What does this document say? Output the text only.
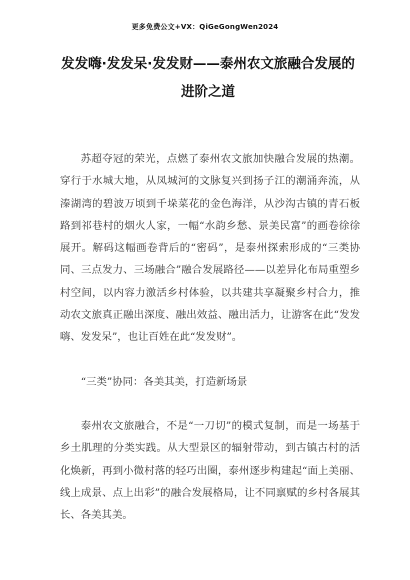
更多免费公文+VX：QiGeGongWen2024
发发嗨·发发呆·发发财——泰州农文旅融合发展的进阶之道

苏超夺冠的荣光，点燃了泰州农文旅加快融合发展的热潮。穿行于水城大地，从凤城河的文脉复兴到扬子江的潮涌奔流，从溱湖湾的碧波万顷到千垛菜花的金色海洋，从沙沟古镇的青石板路到祁巷村的烟火人家，一幅“水韵乡愁、景美民富”的画卷徐徐展开。解码这幅画卷背后的“密码”，是泰州探索形成的“三类协同、三点发力、三场融合”融合发展路径——以差异化布局重塑乡村空间，以内容力激活乡村体验，以共建共享凝聚乡村合力，推动农文旅真正融出深度、融出效益、融出活力，让游客在此“发发嗨、发发呆”，也让百姓在此“发发财”。

“三类”协同：各美其美，打造新场景

泰州农文旅融合，不是“一刀切”的模式复制，而是一场基于乡土肌理的分类实践。从大型景区的辐射带动，到古镇古村的活化焕新，再到小微村落的轻巧出圈，泰州逐步构建起“面上美丽、线上成景、点上出彩”的融合发展格局，让不同禀赋的乡村各展其长、各美其美。
